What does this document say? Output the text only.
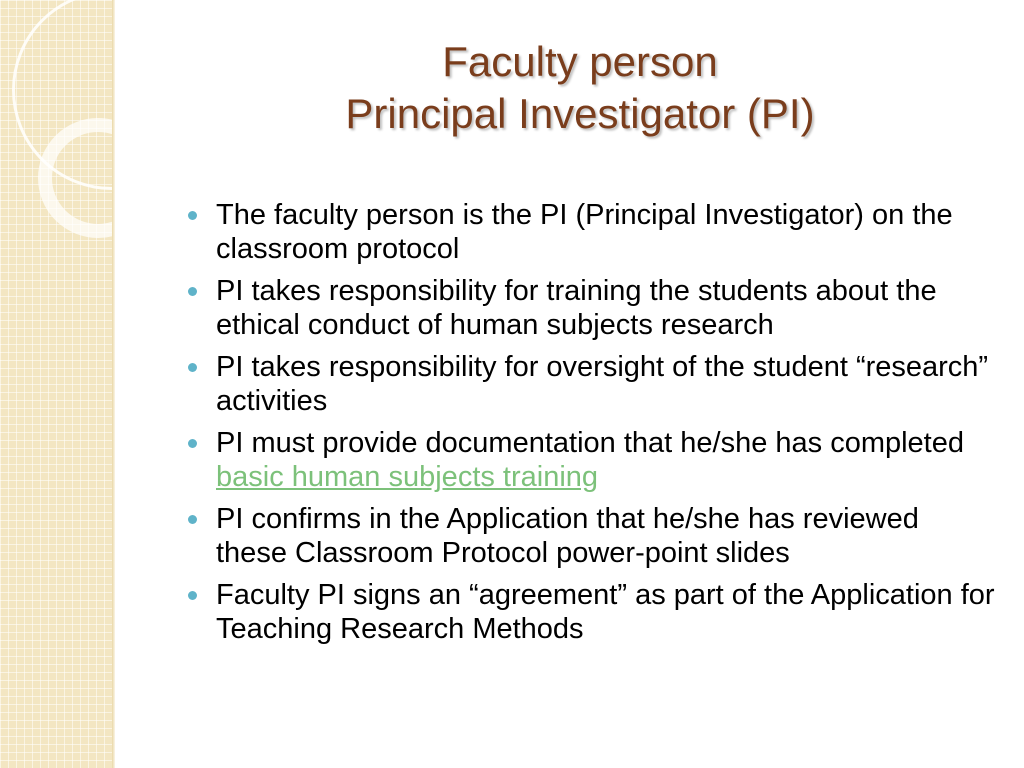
Faculty person
Principal Investigator (PI)
The faculty person is the PI (Principal Investigator) on the classroom protocol
PI takes responsibility for training the students about the ethical conduct of human subjects research
PI takes responsibility for oversight of the student “research” activities
PI must provide documentation that he/she has completed basic human subjects training
PI confirms in the Application that he/she has reviewed these Classroom Protocol power-point slides
Faculty PI signs an “agreement” as part of the Application for Teaching Research Methods
